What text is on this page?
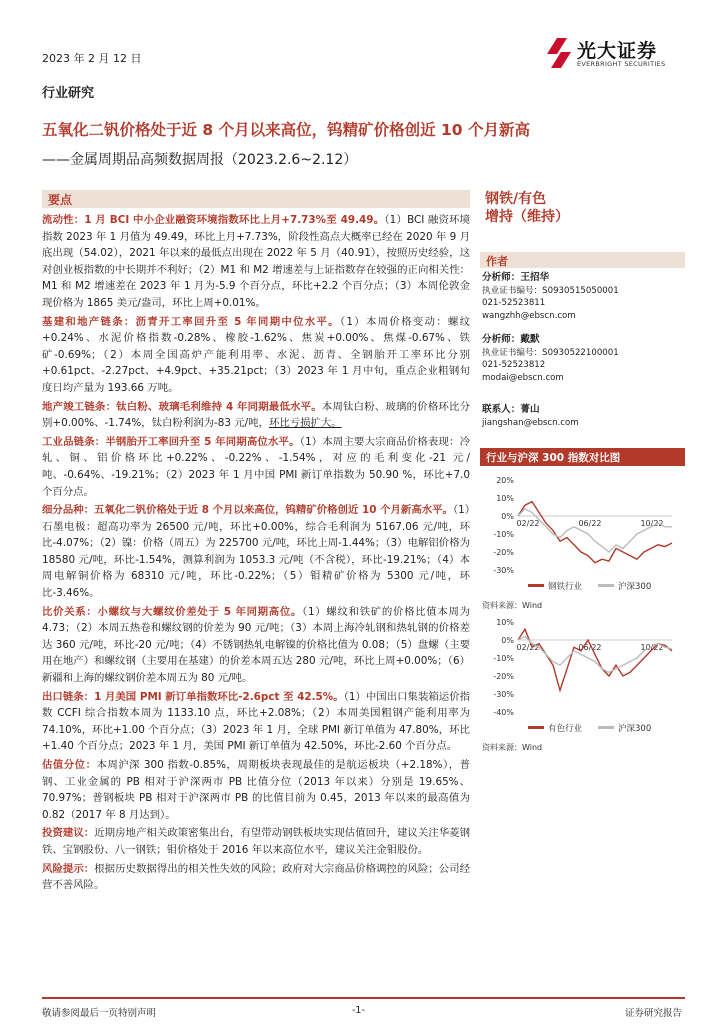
2023 年 2 月 12 日	光大证券
EVERBRIGHT SECURITIES
行业研究
五氧化二钒价格处于近 8 个月以来高位，钨精矿价格创近 10 个月新高
——金属周期品高频数据周报（2023.2.6~2.12）
要点

流动性：1 月 BCI 中小企业融资环境指数环比上月+7.73%至 49.49。（1）BCI 融资环境指数 2023 年 1 月值为 49.49，环比上月+7.73%，阶段性高点大概率已经在 2020 年 9 月底出现（54.02），2021 年以来的最低点出现在 2022 年 5 月（40.91），按照历史经验，这对创业板指数的中长期并不利好；（2）M1 和 M2 增速差与上证指数存在较强的正向相关性：M1 和 M2 增速差在 2023 年 1 月为-5.9 个百分点，环比+2.2 个百分点；（3）本周伦敦金现价格为 1865 美元/盎司，环比上周+0.01%。

基建和地产链条：沥青开工率回升至 5 年同期中位水平。（1）本周价格变动：螺纹 +0.24%、水泥价格指数-0.28%、橡胶-1.62%、焦炭+0.00%、焦煤-0.67%、铁矿-0.69%；（2）本周全国高炉产能利用率、水泥、沥青、全钢胎开工率环比分别+0.61pct、-2.27pct、+4.9pct、+35.21pct；（3）2023 年 1 月中旬，重点企业粗钢旬度日均产量为 193.66 万吨。

地产竣工链条：钛白粉、玻璃毛利维持 4 年同期最低水平。本周钛白粉、玻璃的价格环比分别+0.00%、-1.74%，钛白粉利润为-83 元/吨，环比亏损扩大。

工业品链条：半钢胎开工率回升至 5 年同期高位水平。（1）本周主要大宗商品价格表现：冷轧、铜、铝价格环比+0.22%、-0.22%、-1.54%，对应的毛利变化-21 元/吨、-0.64%、-19.21%；（2）2023 年 1 月中国 PMI 新订单指数为 50.90 %，环比+7.0 个百分点。

细分品种：五氧化二钒价格处于近 8 个月以来高位，钨精矿价格创近 10 个月新高水平。（1）石墨电极：超高功率为 26500 元/吨，环比+0.00%，综合毛利润为 5167.06 元/吨，环比-4.07%；（2）镍：价格（周五）为 225700 元/吨，环比上周-1.44%；（3）电解铝价格为 18580 元/吨，环比-1.54%，测算利润为 1053.3 元/吨（不含税），环比-19.21%；（4）本周电解铜价格为 68310 元/吨，环比-0.22%；（5）钼精矿价格为 5300 元/吨，环比-3.46%。

比价关系：小螺纹与大螺纹价差处于 5 年同期高位。（1）螺纹和铁矿的价格比值本周为 4.73；（2）本周五热卷和螺纹钢的价差为 90 元/吨；（3）本周上海冷轧钢和热轧钢的价格差达 360 元/吨，环比-20 元/吨；（4）不锈钢热轧电解镍的价格比值为 0.08；（5）盘螺（主要用在地产）和螺纹钢（主要用在基建）的价差本周五达 280 元/吨，环比上周+0.00%；（6）新疆和上海的螺纹钢价差本周五为 80 元/吨。

出口链条：1 月美国 PMI 新订单指数环比-2.6pct 至 42.5%。（1）中国出口集装箱运价指数 CCFI 综合指数本周为 1133.10 点，环比+2.08%；（2）本周美国粗钢产能利用率为 74.10%，环比+1.00 个百分点；（3）2023 年 1 月，全球 PMI 新订单值为 47.80%，环比+1.40 个百分点；2023 年 1 月，美国 PMI 新订单值为 42.50%，环比-2.60 个百分点。

估值分位：本周沪深 300 指数-0.85%，周期板块表现最佳的是航运板块（+2.18%），普钢、工业金属的 PB 相对于沪深两市 PB 比值分位（2013 年以来）分别是 19.65%、70.97%；普钢板块 PB 相对于沪深两市 PB 的比值目前为 0.45，2013 年以来的最高值为 0.82（2017 年 8 月达到）。

投资建议：近期房地产相关政策密集出台，有望带动钢铁板块实现估值回升，建议关注华菱钢铁、宝钢股份、八一钢铁；钼价格处于 2016 年以来高位水平，建议关注金钼股份。

风险提示：根据历史数据得出的相关性失效的风险；政府对大宗商品价格调控的风险；公司经营不善风险。

钢铁/有色
增持（维持）
作者
分析师：王招华
执业证书编号：S0930515050001
021-52523811
wangzhh@ebscn.com
分析师：戴默
执业证书编号：S0930522100001
021-52523812
modai@ebscn.com
联系人：菁山
jiangshan@ebscn.com
行业与沪深 300 指数对比图
20%
10%
0%
-10%
-20%
-30%
02/22	06/22	10/22
钢铁行业	沪深300
资料来源：Wind
10%
0%
-10%
-20%
-30%
-40%
02/22	06/22	10/22
有色行业	沪深300
资料来源：Wind
敬请参阅最后一页特别声明	-1-	证券研究报告
